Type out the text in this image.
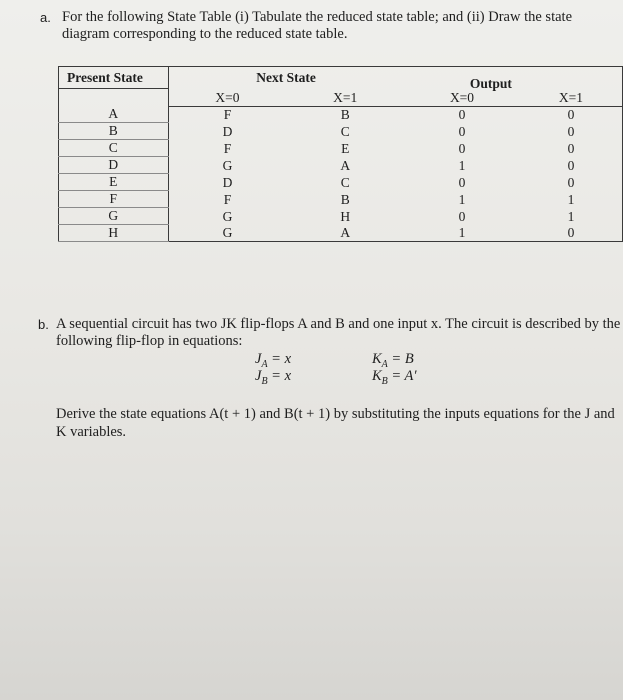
a. For the following State Table (i) Tabulate the reduced state table; and (ii) Draw the state diagram corresponding to the reduced state table.
Present State		Next State		Output

	X=0	X=1	X=0	X=1
A	F	B	0	0
B	D	C	0	0
C	F	E	0	0
D	G	A	1	0
E	D	C	0	0
F	F	B	1	1
G	G	H	0	1
H	G	A	1	0
b. A sequential circuit has two JK flip-flops A and B and one input x. The circuit is described by the following flip-flop in equations:
$J_A = x$
$J_B = x$
$K_A = B$
$K_B = A'$
Derive the state equations A(t + 1) and B(t + 1) by substituting the inputs equations for the J and K variables.
